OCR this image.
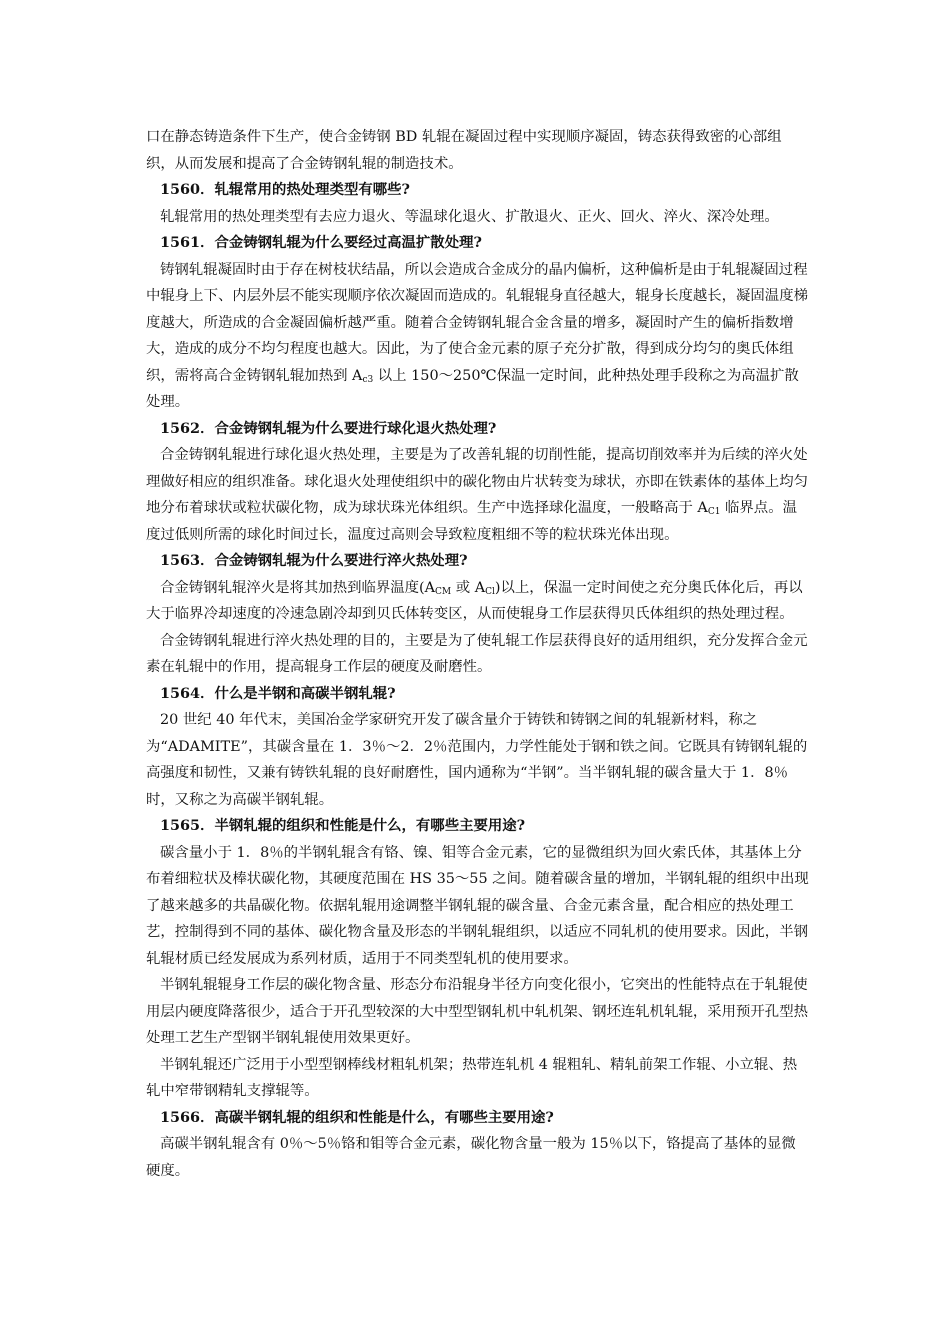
口在静态铸造条件下生产，使合金铸钢 BD 轧辊在凝固过程中实现顺序凝固，铸态获得致密的心部组织，从而发展和提高了合金铸钢轧辊的制造技术。

1560．轧辊常用的热处理类型有哪些?

轧辊常用的热处理类型有去应力退火、等温球化退火、扩散退火、正火、回火、淬火、深冷处理。

1561．合金铸钢轧辊为什么要经过高温扩散处理?

铸钢轧辊凝固时由于存在树枝状结晶，所以会造成合金成分的晶内偏析，这种偏析是由于轧辊凝固过程中辊身上下、内层外层不能实现顺序依次凝固而造成的。轧辊辊身直径越大，辊身长度越长，凝固温度梯度越大，所造成的合金凝固偏析越严重。随着合金铸钢轧辊合金含量的增多，凝固时产生的偏析指数增大，造成的成分不均匀程度也越大。因此，为了使合金元素的原子充分扩散，得到成分均匀的奥氏体组织，需将高合金铸钢轧辊加热到 $A_{c3}$ 以上 150～250℃保温一定时间，此种热处理手段称之为高温扩散处理。

1562．合金铸钢轧辊为什么要进行球化退火热处理?

合金铸钢轧辊进行球化退火热处理，主要是为了改善轧辊的切削性能，提高切削效率并为后续的淬火处理做好相应的组织准备。球化退火处理使组织中的碳化物由片状转变为球状，亦即在铁素体的基体上均匀地分布着球状或粒状碳化物，成为球状珠光体组织。生产中选择球化温度，一般略高于 $A_{C1}$ 临界点。温度过低则所需的球化时间过长，温度过高则会导致粒度粗细不等的粒状珠光体出现。

1563．合金铸钢轧辊为什么要进行淬火热处理?

合金铸钢轧辊淬火是将其加热到临界温度($A_{CM}$ 或 $A_{Cl}$)以上，保温一定时间使之充分奥氏体化后，再以大于临界冷却速度的冷速急剧冷却到贝氏体转变区，从而使辊身工作层获得贝氏体组织的热处理过程。

合金铸钢轧辊进行淬火热处理的目的，主要是为了使轧辊工作层获得良好的适用组织，充分发挥合金元素在轧辊中的作用，提高辊身工作层的硬度及耐磨性。

1564．什么是半钢和高碳半钢轧辊?

20 世纪 40 年代末，美国冶金学家研究开发了碳含量介于铸铁和铸钢之间的轧辊新材料，称之为“ADAMITE”，其碳含量在 1．3％～2．2％范围内，力学性能处于钢和铁之间。它既具有铸钢轧辊的高强度和韧性，又兼有铸铁轧辊的良好耐磨性，国内通称为“半钢”。当半钢轧辊的碳含量大于 1．8％时，又称之为高碳半钢轧辊。

1565．半钢轧辊的组织和性能是什么，有哪些主要用途?

碳含量小于 1．8％的半钢轧辊含有铬、镍、钼等合金元素，它的显微组织为回火索氏体，其基体上分布着细粒状及棒状碳化物，其硬度范围在 HS 35～55 之间。随着碳含量的增加，半钢轧辊的组织中出现了越来越多的共晶碳化物。依据轧辊用途调整半钢轧辊的碳含量、合金元素含量，配合相应的热处理工艺，控制得到不同的基体、碳化物含量及形态的半钢轧辊组织，以适应不同轧机的使用要求。因此，半钢轧辊材质已经发展成为系列材质，适用于不同类型轧机的使用要求。

半钢轧辊辊身工作层的碳化物含量、形态分布沿辊身半径方向变化很小，它突出的性能特点在于轧辊使用层内硬度降落很少，适合于开孔型较深的大中型型钢轧机中轧机架、钢坯连轧机轧辊，采用预开孔型热处理工艺生产型钢半钢轧辊使用效果更好。

半钢轧辊还广泛用于小型型钢棒线材粗轧机架；热带连轧机 4 辊粗轧、精轧前架工作辊、小立辊、热轧中窄带钢精轧支撑辊等。

1566．高碳半钢轧辊的组织和性能是什么，有哪些主要用途?

高碳半钢轧辊含有 0％～5％铬和钼等合金元素，碳化物含量一般为 15％以下，铬提高了基体的显微硬度。
